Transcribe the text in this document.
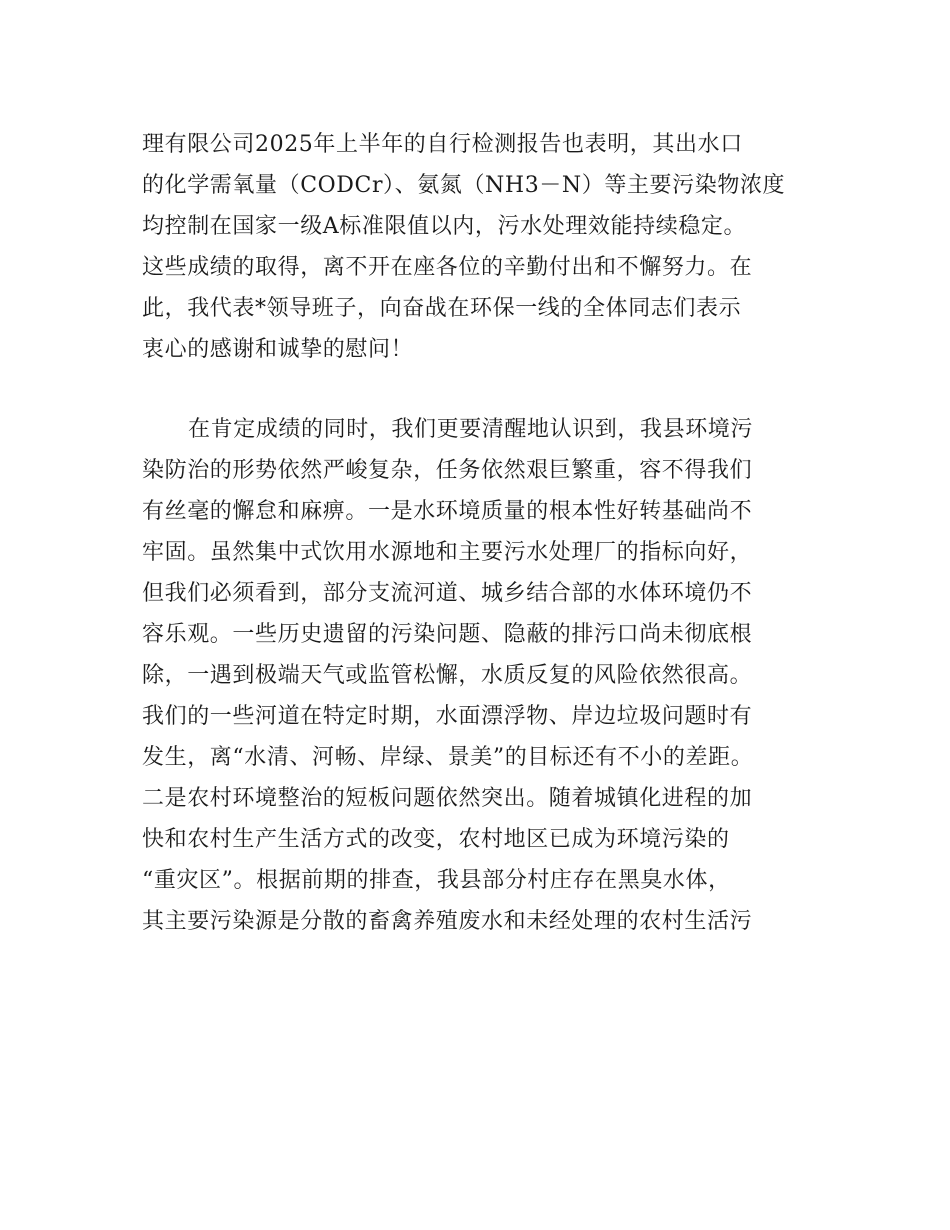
理有限公司2025年上半年的自行检测报告也表明，其出水口
的化学需氧量（CODCr）、氨氮（NH3－N）等主要污染物浓度
均控制在国家一级A标准限值以内，污水处理效能持续稳定。
这些成绩的取得，离不开在座各位的辛勤付出和不懈努力。在
此，我代表*领导班子，向奋战在环保一线的全体同志们表示
衷心的感谢和诚挚的慰问！
在肯定成绩的同时，我们更要清醒地认识到，我县环境污
染防治的形势依然严峻复杂，任务依然艰巨繁重，容不得我们
有丝毫的懈怠和麻痹。一是水环境质量的根本性好转基础尚不
牢固。虽然集中式饮用水源地和主要污水处理厂的指标向好，
但我们必须看到，部分支流河道、城乡结合部的水体环境仍不
容乐观。一些历史遗留的污染问题、隐蔽的排污口尚未彻底根
除，一遇到极端天气或监管松懈，水质反复的风险依然很高。
我们的一些河道在特定时期，水面漂浮物、岸边垃圾问题时有
发生，离“水清、河畅、岸绿、景美”的目标还有不小的差距。
二是农村环境整治的短板问题依然突出。随着城镇化进程的加
快和农村生产生活方式的改变，农村地区已成为环境污染的
“重灾区”。根据前期的排查，我县部分村庄存在黑臭水体，
其主要污染源是分散的畜禽养殖废水和未经处理的农村生活污
